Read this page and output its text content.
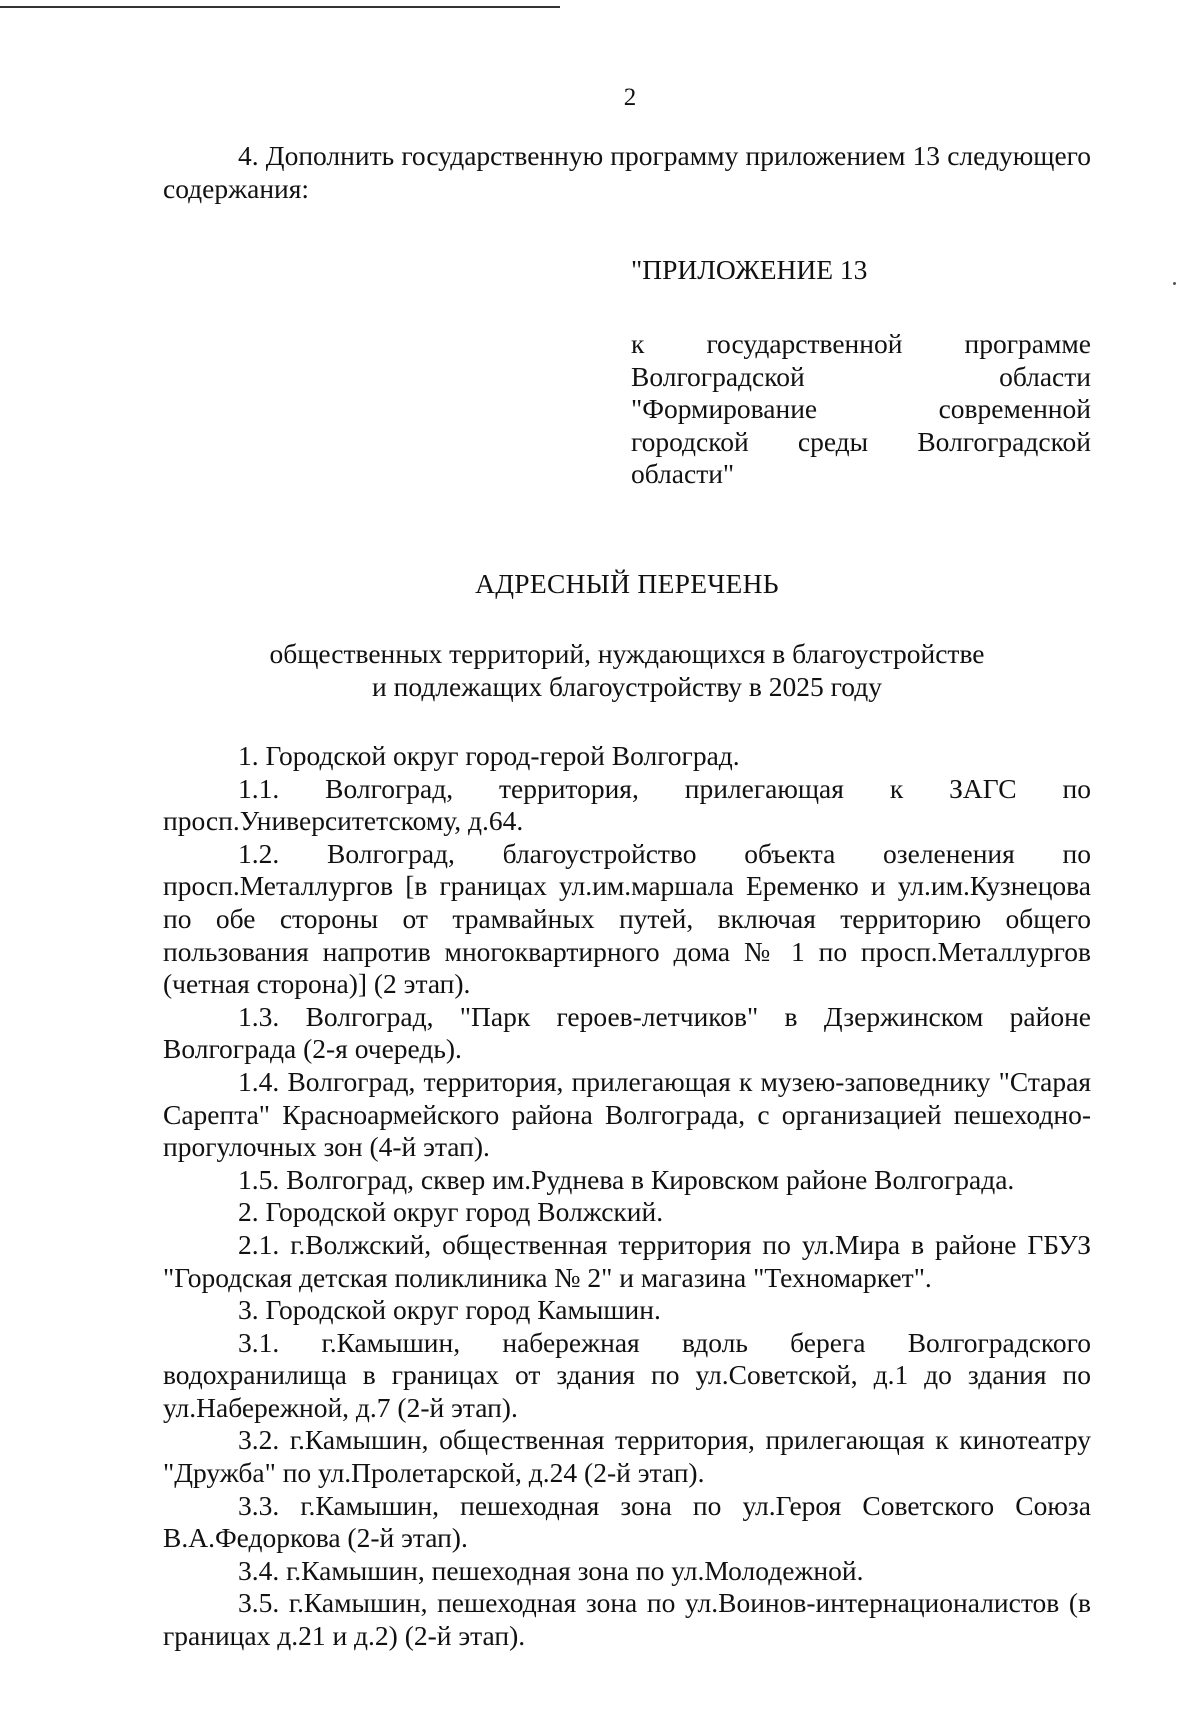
2

4. Дополнить государственную программу приложением 13 следующего содержания:

"ПРИЛОЖЕНИЕ 13
к государственной программе Волгоградской области "Формирование современной городской среды Волгоградской области"
АДРЕСНЫЙ ПЕРЕЧЕНЬ
общественных территорий, нуждающихся в благоустройстве
и подлежащих благоустройству в 2025 году

1. Городской округ город-герой Волгоград.

1.1. Волгоград, территория, прилегающая к ЗАГС по просп.Университетскому, д.64.

1.2. Волгоград, благоустройство объекта озеленения по просп.Металлургов [в границах ул.им.маршала Еременко и ул.им.Кузнецова по обе стороны от трамвайных путей, включая территорию общего пользования напротив многоквартирного дома № 1 по просп.Металлургов (четная сторона)] (2 этап).

1.3. Волгоград, "Парк героев-летчиков" в Дзержинском районе Волгограда (2-я очередь).

1.4. Волгоград, территория, прилегающая к музею-заповеднику "Старая Сарепта" Красноармейского района Волгограда, с организацией пешеходно-прогулочных зон (4-й этап).

1.5. Волгоград, сквер им.Руднева в Кировском районе Волгограда.

2. Городской округ город Волжский.

2.1. г.Волжский, общественная территория по ул.Мира в районе ГБУЗ "Городская детская поликлиника № 2" и магазина "Техномаркет".

3. Городской округ город Камышин.

3.1. г.Камышин, набережная вдоль берега Волгоградского водохранилища в границах от здания по ул.Советской, д.1 до здания по ул.Набережной, д.7 (2-й этап).

3.2. г.Камышин, общественная территория, прилегающая к кинотеатру "Дружба" по ул.Пролетарской, д.24 (2-й этап).

3.3. г.Камышин, пешеходная зона по ул.Героя Советского Союза В.А.Федоркова (2-й этап).

3.4. г.Камышин, пешеходная зона по ул.Молодежной.

3.5. г.Камышин, пешеходная зона по ул.Воинов-интернационалистов (в границах д.21 и д.2) (2-й этап).
